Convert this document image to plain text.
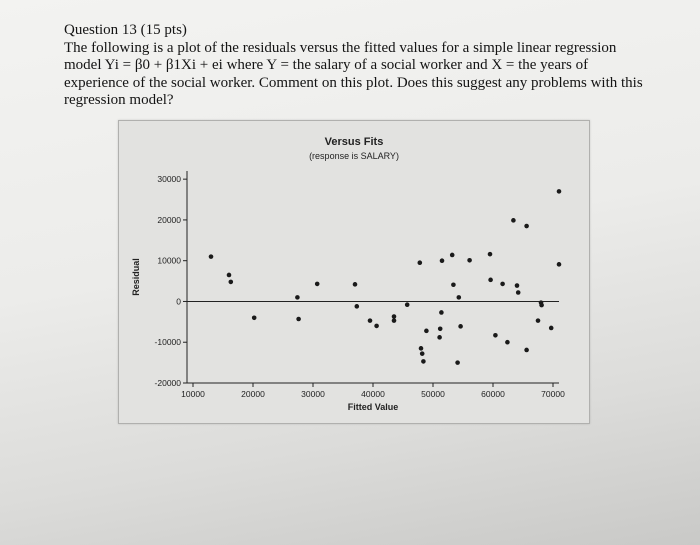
Question 13 (15 pts)

The following is a plot of the residuals versus the fitted values for a simple linear regression

model Yi = β0 + β1Xi + ei where Y = the salary of a social worker and X = the years of

experience of the social worker. Comment on this plot. Does this suggest any problems with this

regression model?

Versus Fits
(response is SALARY)
-20000
-10000
0
10000
20000
30000
10000	20000	30000	40000	50000	60000	70000
Fitted Value
Residual
